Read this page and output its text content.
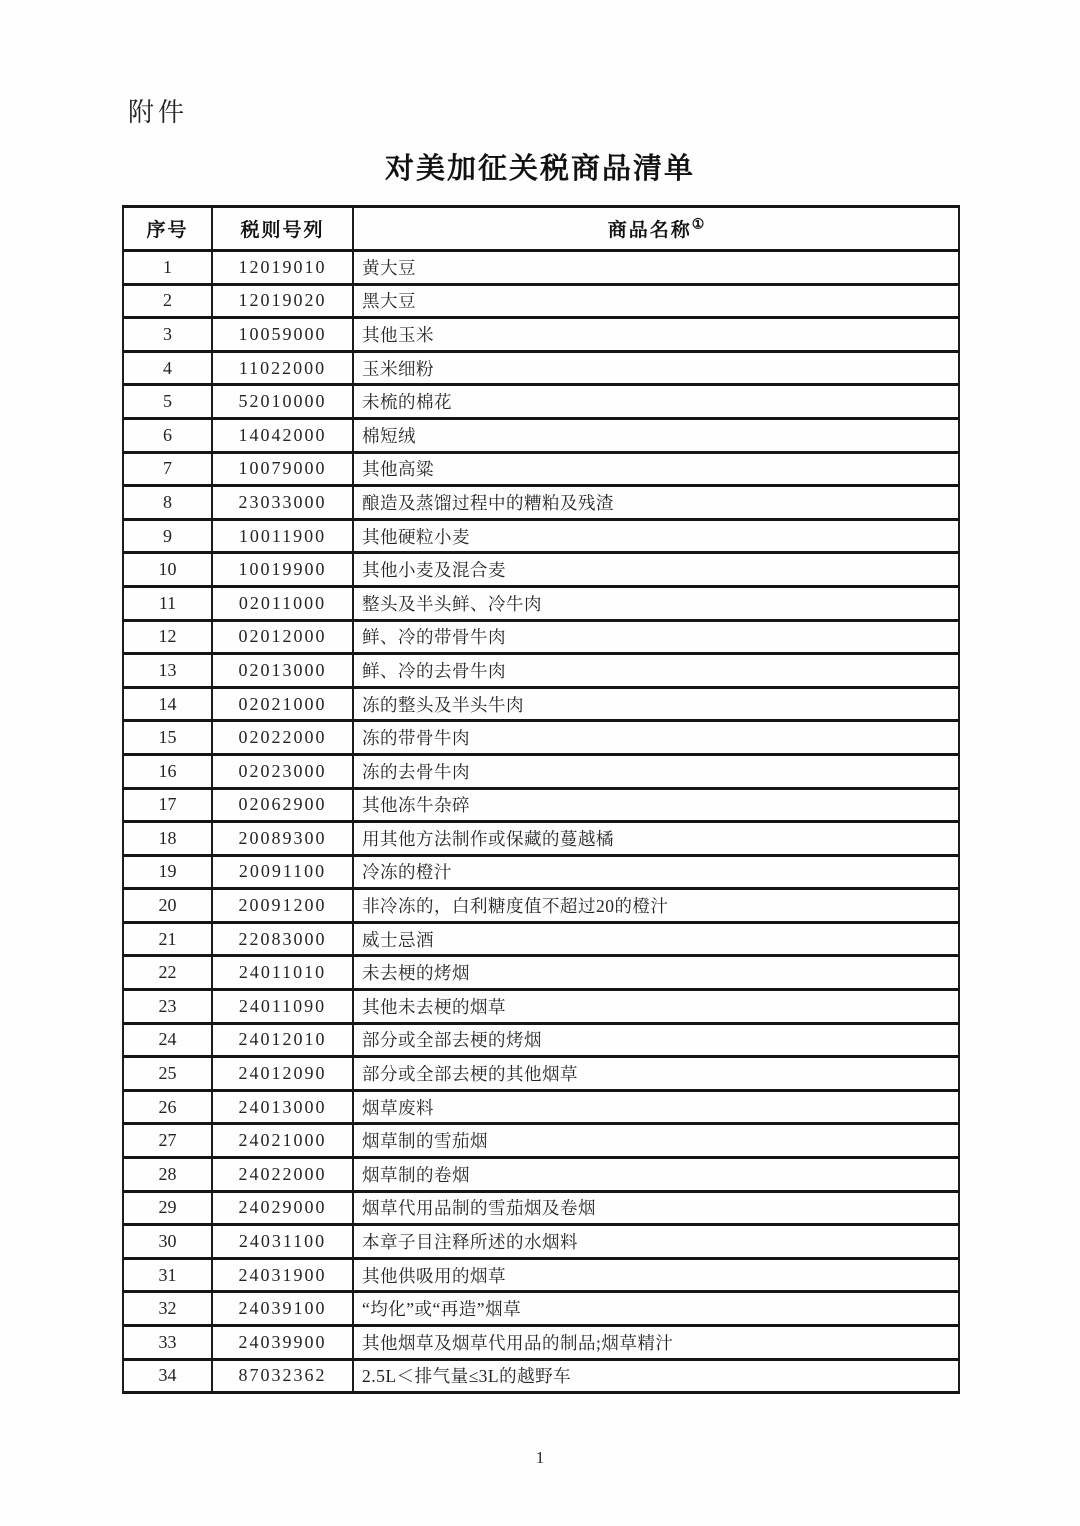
附件
对美加征关税商品清单
序号	税则号列	商品名称①
1	12019010	黄大豆
2	12019020	黑大豆
3	10059000	其他玉米
4	11022000	玉米细粉
5	52010000	未梳的棉花
6	14042000	棉短绒
7	10079000	其他高粱
8	23033000	酿造及蒸馏过程中的糟粕及残渣
9	10011900	其他硬粒小麦
10	10019900	其他小麦及混合麦
11	02011000	整头及半头鲜、冷牛肉
12	02012000	鲜、冷的带骨牛肉
13	02013000	鲜、冷的去骨牛肉
14	02021000	冻的整头及半头牛肉
15	02022000	冻的带骨牛肉
16	02023000	冻的去骨牛肉
17	02062900	其他冻牛杂碎
18	20089300	用其他方法制作或保藏的蔓越橘
19	20091100	冷冻的橙汁
20	20091200	非冷冻的，白利糖度值不超过20的橙汁
21	22083000	威士忌酒
22	24011010	未去梗的烤烟
23	24011090	其他未去梗的烟草
24	24012010	部分或全部去梗的烤烟
25	24012090	部分或全部去梗的其他烟草
26	24013000	烟草废料
27	24021000	烟草制的雪茄烟
28	24022000	烟草制的卷烟
29	24029000	烟草代用品制的雪茄烟及卷烟
30	24031100	本章子目注释所述的水烟料
31	24031900	其他供吸用的烟草
32	24039100	“均化”或“再造”烟草
33	24039900	其他烟草及烟草代用品的制品;烟草精汁
34	87032362	2.5L＜排气量≤3L的越野车
1
